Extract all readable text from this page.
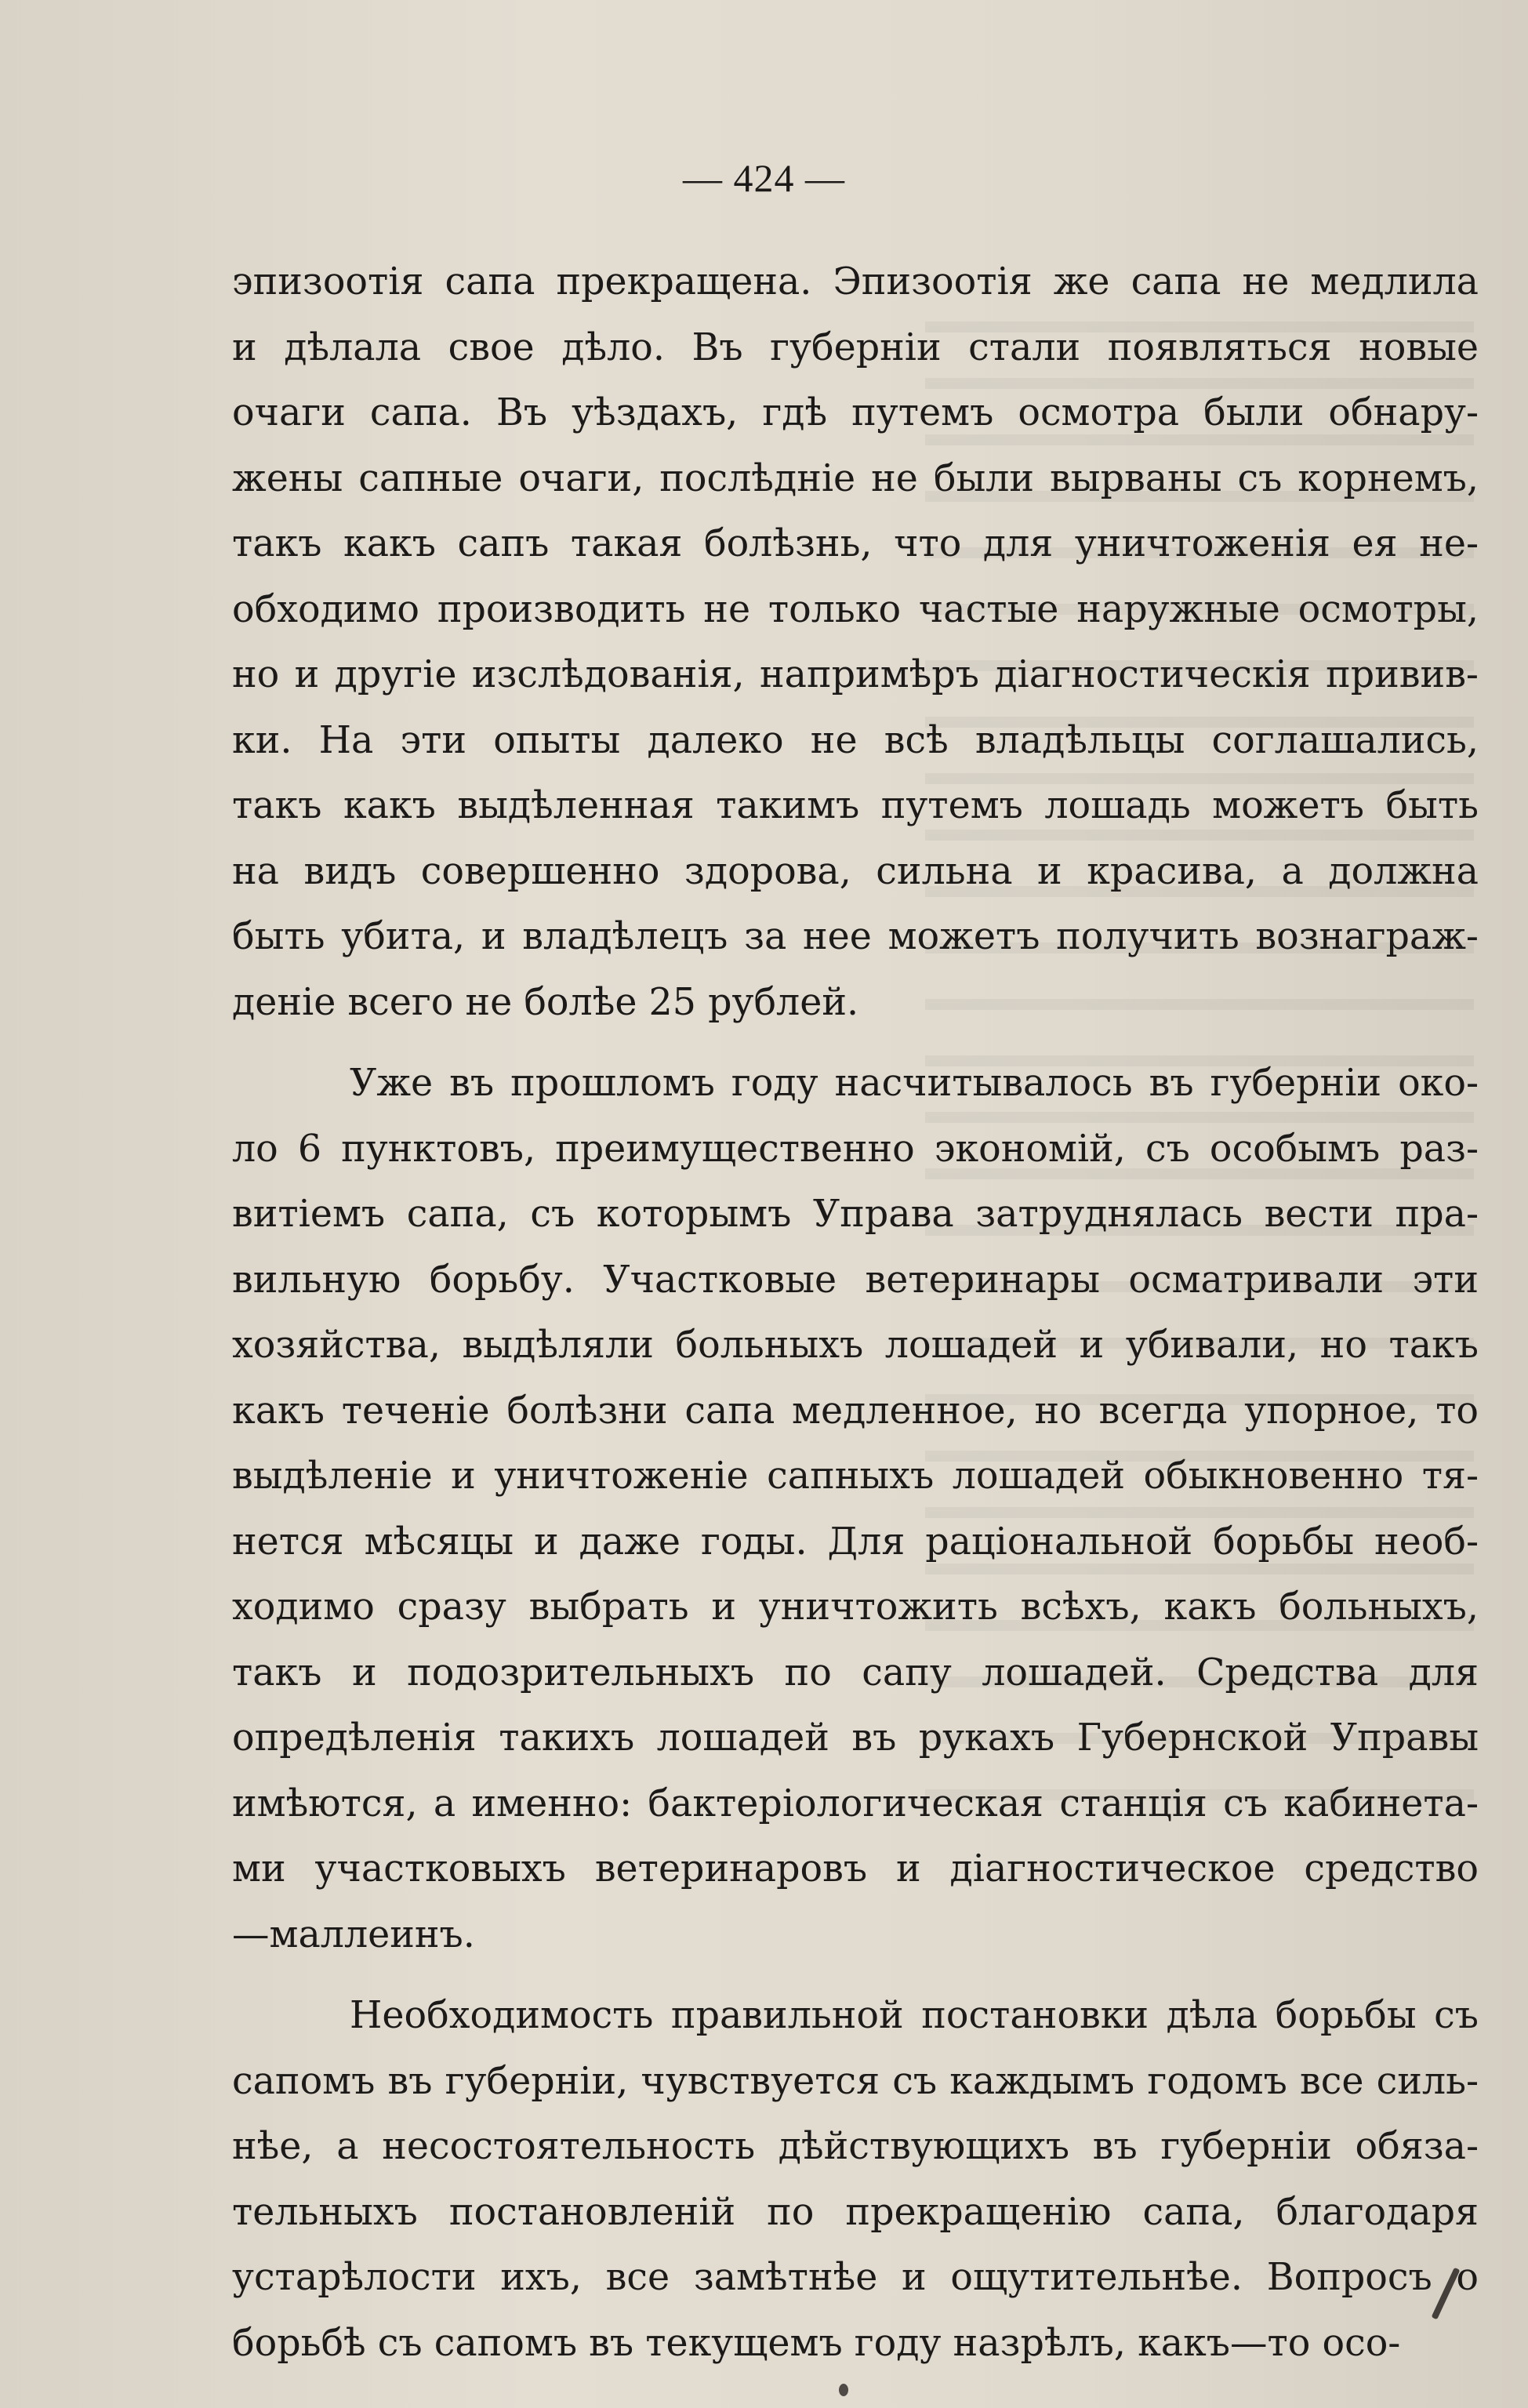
— 424 —
эпизоотія сапа прекращена. Эпизоотія же сапа не медлила
и дѣлала свое дѣло. Въ губерніи стали появляться новые
очаги сапа. Въ уѣздахъ, гдѣ путемъ осмотра были обнару-
жены сапные очаги, послѣдніе не были вырваны съ корнемъ,
такъ какъ сапъ такая болѣзнь, что для уничтоженія ея не-
обходимо производить не только частые наружные осмотры,
но и другіе изслѣдованія, напримѣръ діагностическія привив-
ки. На эти опыты далеко не всѣ владѣльцы соглашались,
такъ какъ выдѣленная такимъ путемъ лошадь можетъ быть
на видъ совершенно здорова, сильна и красива, а должна
быть убита, и владѣлецъ за нее можетъ получить вознаграж-
деніе всего не болѣе 25 рублей.
Уже въ прошломъ году насчитывалось въ губерніи око-
ло 6 пунктовъ, преимущественно экономій, съ особымъ раз-
витіемъ сапа, съ которымъ Управа затруднялась вести пра-
вильную борьбу. Участковые ветеринары осматривали эти
хозяйства, выдѣляли больныхъ лошадей и убивали, но такъ
какъ теченіе болѣзни сапа медленное, но всегда упорное, то
выдѣленіе и уничтоженіе сапныхъ лошадей обыкновенно тя-
нется мѣсяцы и даже годы. Для раціональной борьбы необ-
ходимо сразу выбрать и уничтожить всѣхъ, какъ больныхъ,
такъ и подозрительныхъ по сапу лошадей. Средства для
опредѣленія такихъ лошадей въ рукахъ Губернской Управы
имѣются, а именно: бактеріологическая станція съ кабинета-
ми участковыхъ ветеринаровъ и діагностическое средство
—маллеинъ.
Необходимость правильной постановки дѣла борьбы съ
сапомъ въ губерніи, чувствуется съ каждымъ годомъ все силь-
нѣе, а несостоятельность дѣйствующихъ въ губерніи обяза-
тельныхъ постановленій по прекращенію сапа, благодаря
устарѣлости ихъ, все замѣтнѣе и ощутительнѣе. Вопросъ о
борьбѣ съ сапомъ въ текущемъ году назрѣлъ, какъ—то осо-
